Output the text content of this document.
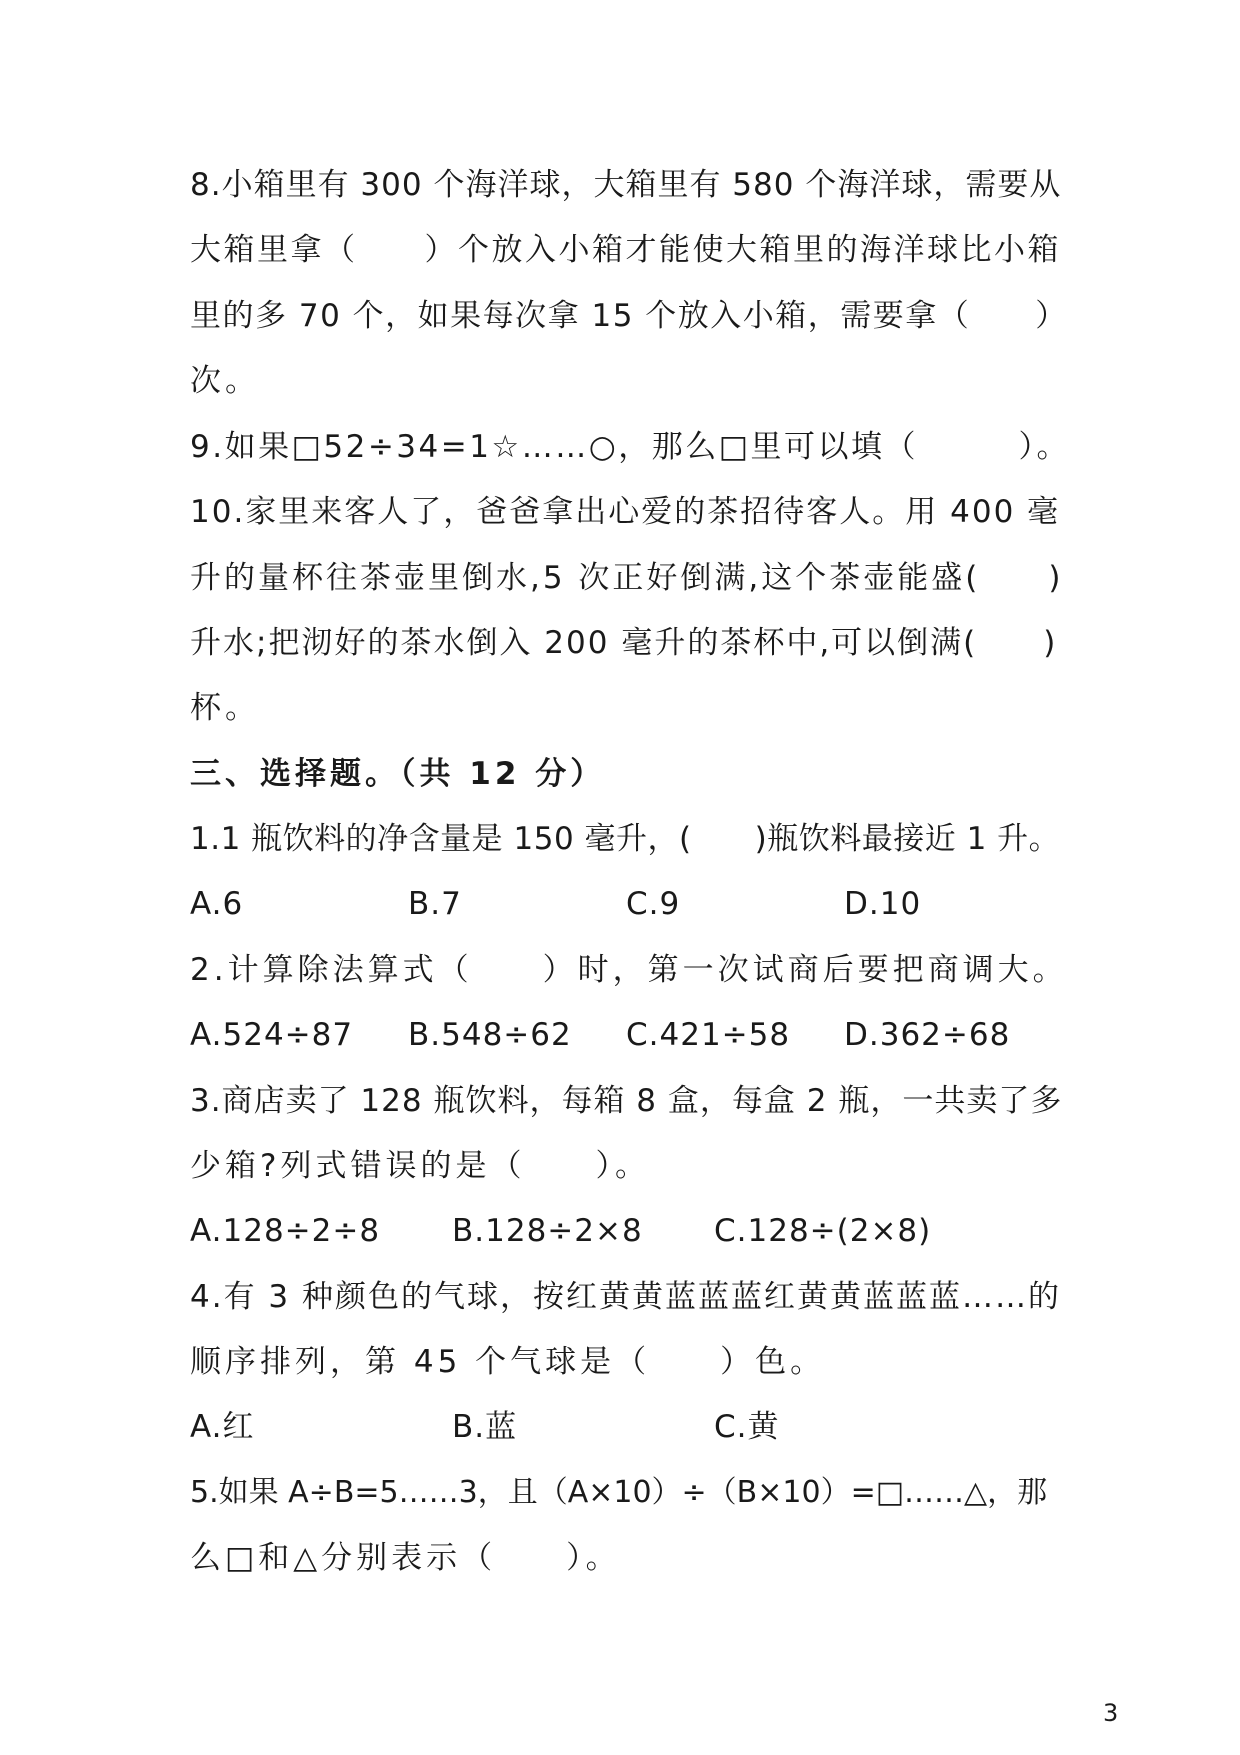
8.小箱里有 300 个海洋球，大箱里有 580 个海洋球，需要从
大箱里拿（　　）个放入小箱才能使大箱里的海洋球比小箱
里的多 70 个，如果每次拿 15 个放入小箱，需要拿（　　）
次。
9.如果□52÷34=1☆……○，那么□里可以填（　　　）。
10.家里来客人了，爸爸拿出心爱的茶招待客人。用 400 毫
升的量杯往茶壶里倒水,5 次正好倒满,这个茶壶能盛(　　)
升水;把沏好的茶水倒入 200 毫升的茶杯中,可以倒满(　　)
杯。
三、选择题。（共 12 分）
1.1 瓶饮料的净含量是 150 毫升，(　　)瓶饮料最接近 1 升。
A.6	B.7	C.9	D.10
2.计算除法算式（　　）时，第一次试商后要把商调大。
A.524÷87 B.548÷62 C.421÷58 D.362÷68
3.商店卖了 128 瓶饮料，每箱 8 盒，每盒 2 瓶，一共卖了多
少箱?列式错误的是（　　）。
A.128÷2÷8 B.128÷2×8 C.128÷(2×8)
4.有 3 种颜色的气球，按红黄黄蓝蓝蓝红黄黄蓝蓝蓝……的
顺序排列，第 45 个气球是（　　）色。
A.红	B.蓝	C.黄
5.如果 A÷B=5……3，且（A×10）÷（B×10）=□……△，那
么□和△分别表示（　　）。
3
